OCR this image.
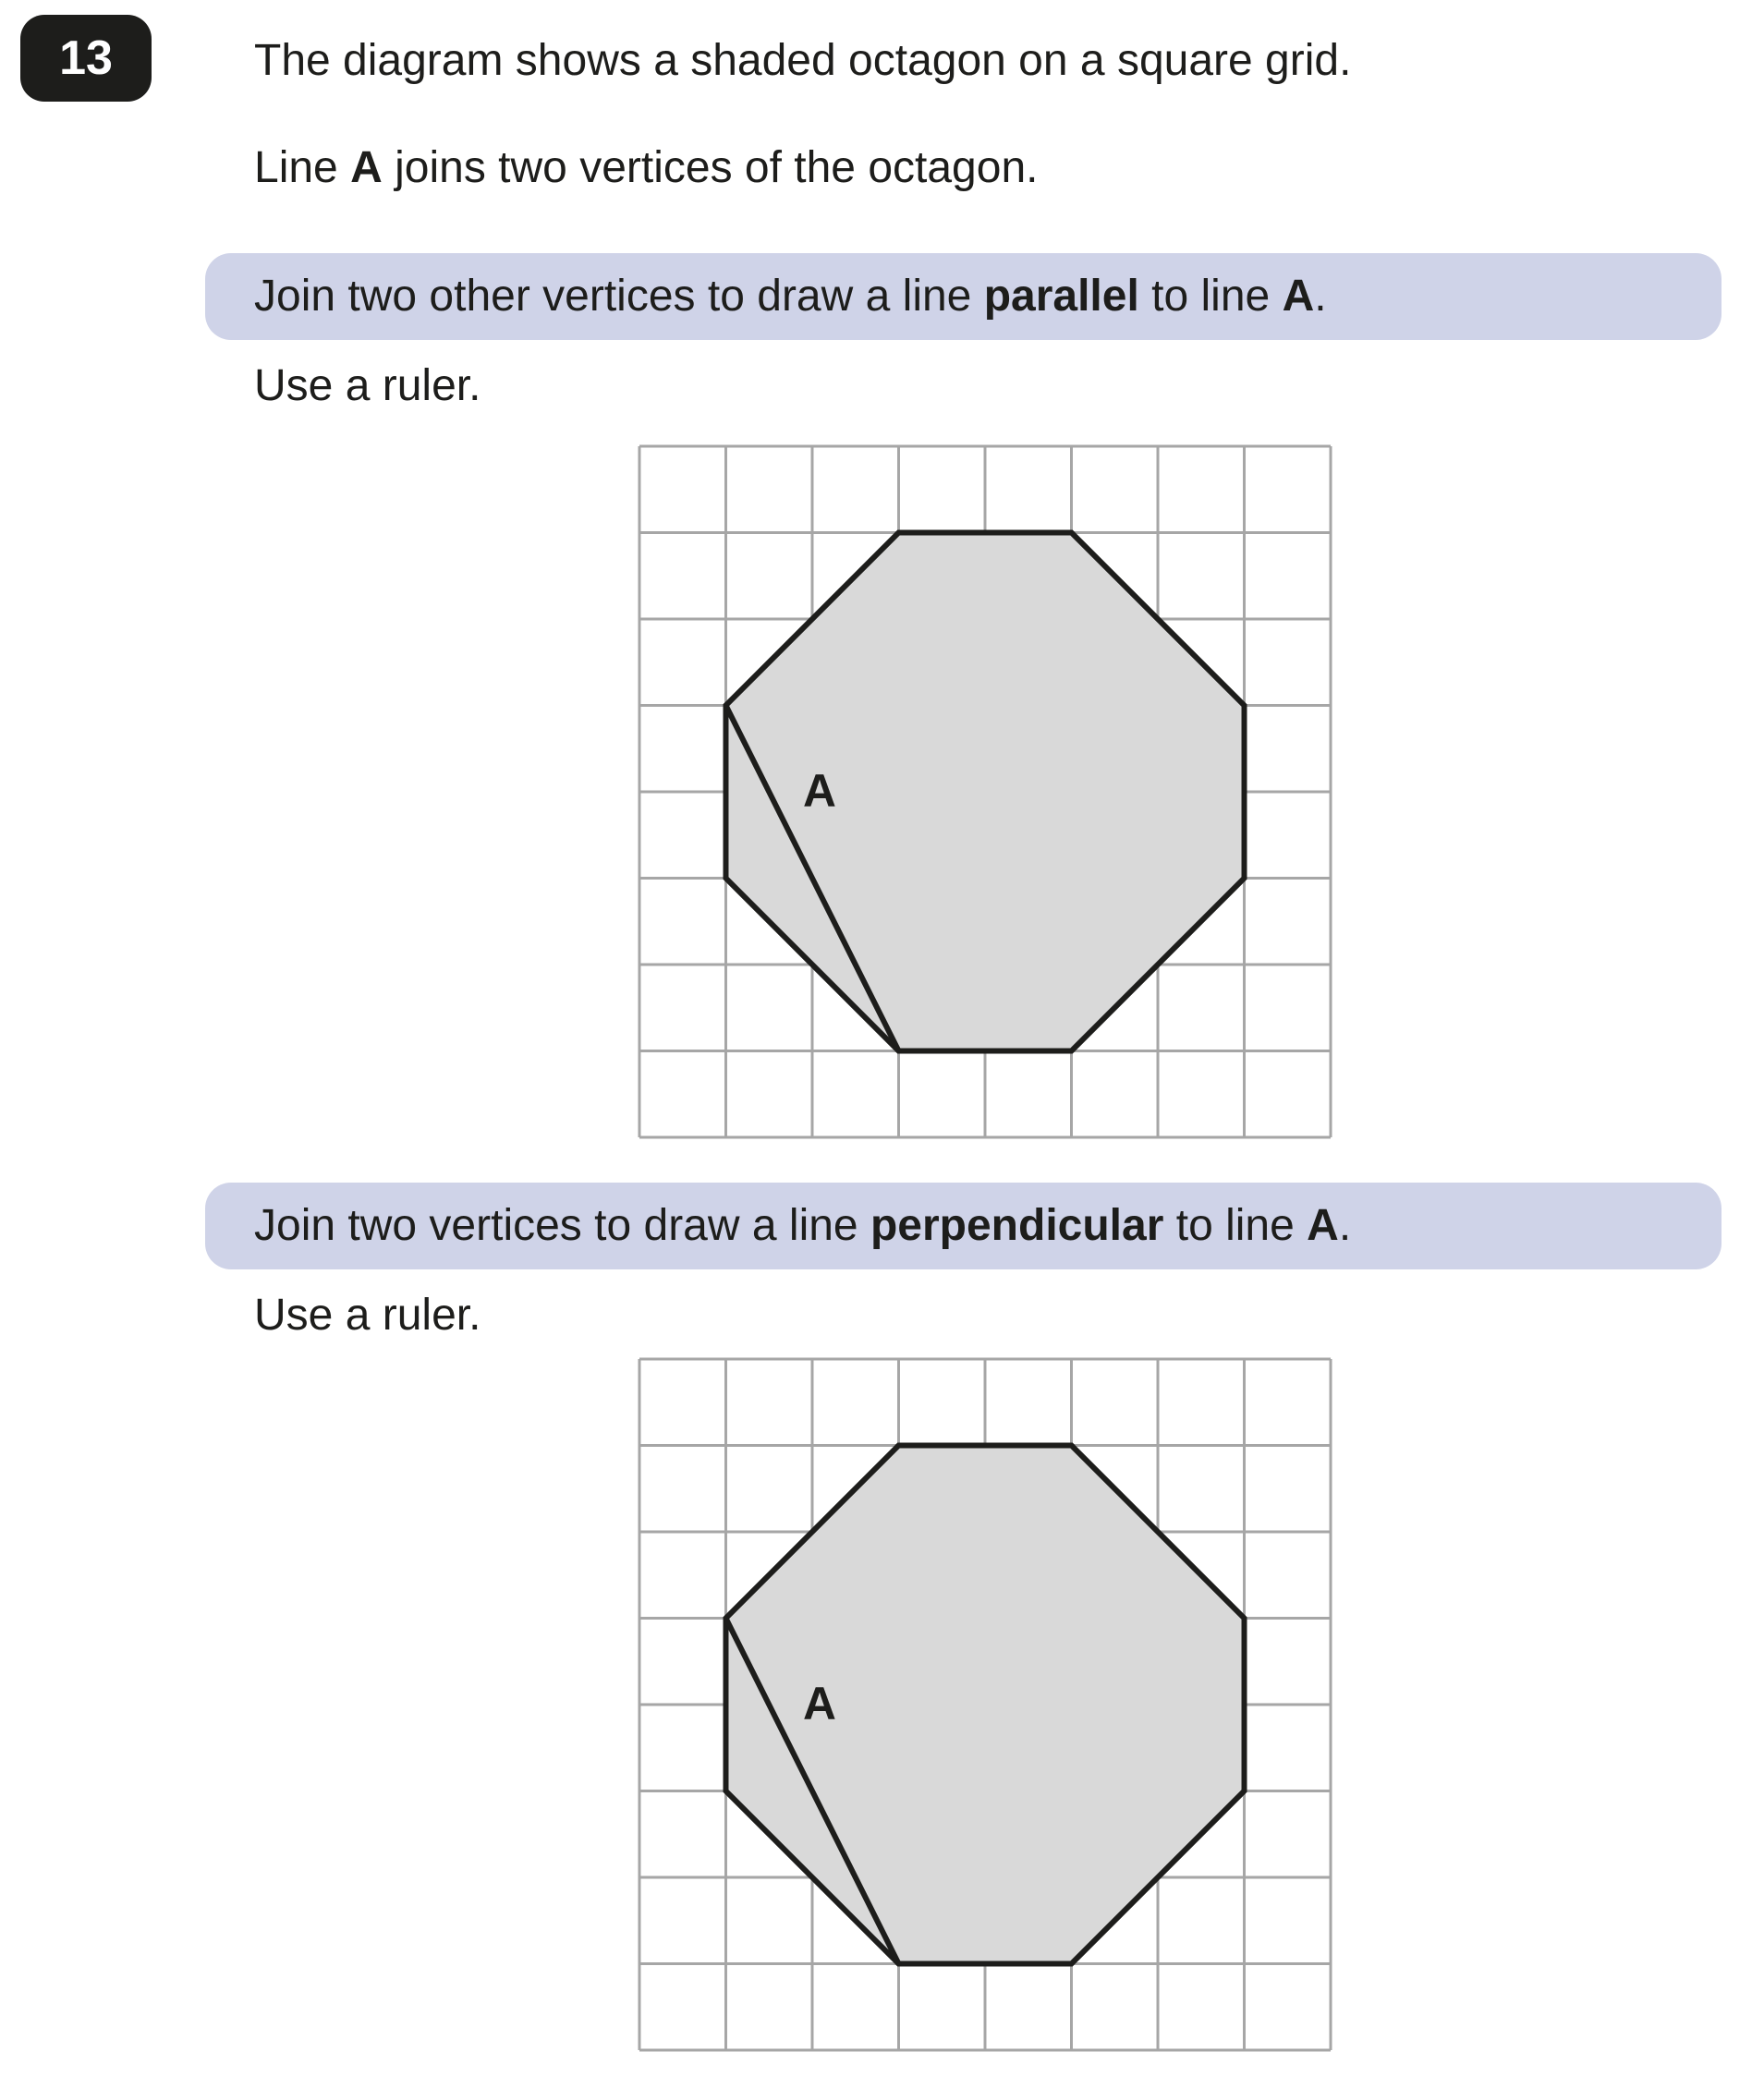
13	The diagram shows a shaded octagon on a square grid.
Line A joins two vertices of the octagon.
Join two other vertices to draw a line parallel to line A.
Use a ruler.
A
Join two vertices to draw a line perpendicular to line A.
Use a ruler.
A
